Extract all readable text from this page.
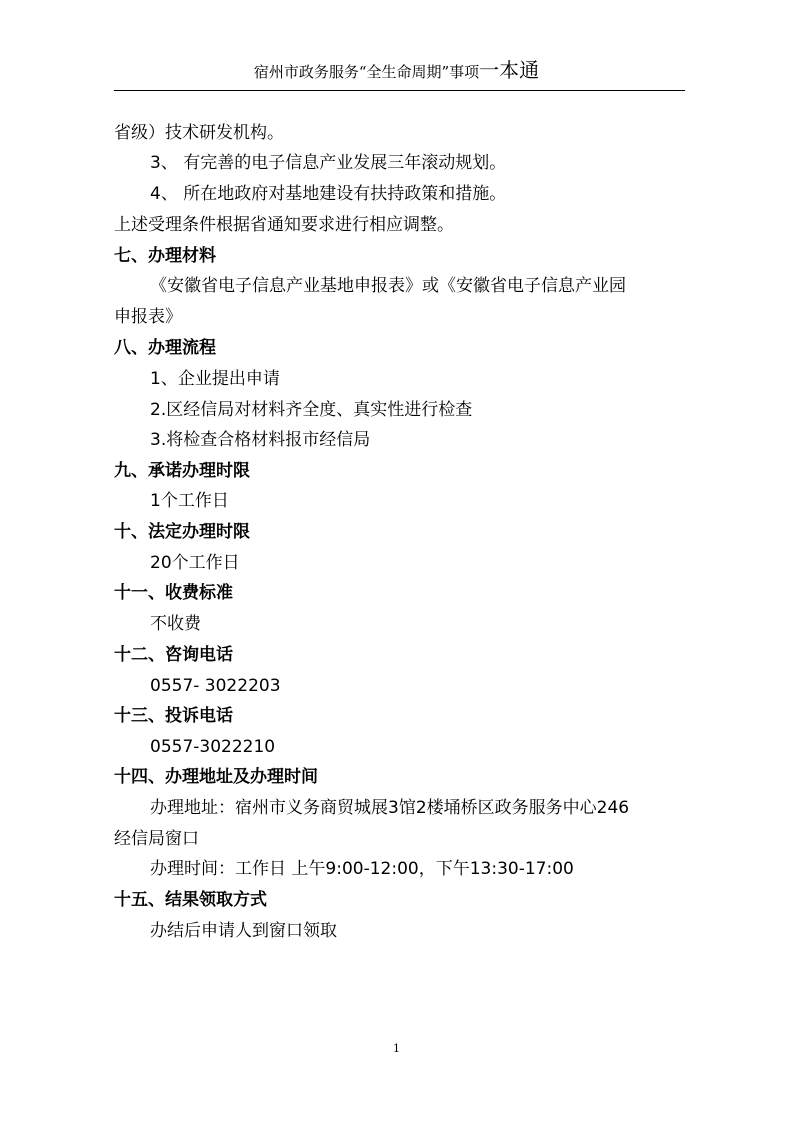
宿州市政务服务“全生命周期”事项一本通
省级）技术研发机构。
3、 有完善的电子信息产业发展三年滚动规划。
4、 所在地政府对基地建设有扶持政策和措施。
上述受理条件根据省通知要求进行相应调整。
七、办理材料
《安徽省电子信息产业基地申报表》或《安徽省电子信息产业园
申报表》
八、办理流程
1、企业提出申请
2.区经信局对材料齐全度、真实性进行检查
3.将检查合格材料报市经信局
九、承诺办理时限
1个工作日
十、法定办理时限
20个工作日
十一、收费标准
不收费
十二、咨询电话
0557- 3022203
十三、投诉电话
0557-3022210
十四、办理地址及办理时间
办理地址：宿州市义务商贸城展3馆2楼埇桥区政务服务中心246
经信局窗口
办理时间：工作日 上午9:00-12:00，下午13:30-17:00
十五、结果领取方式
办结后申请人到窗口领取
1
